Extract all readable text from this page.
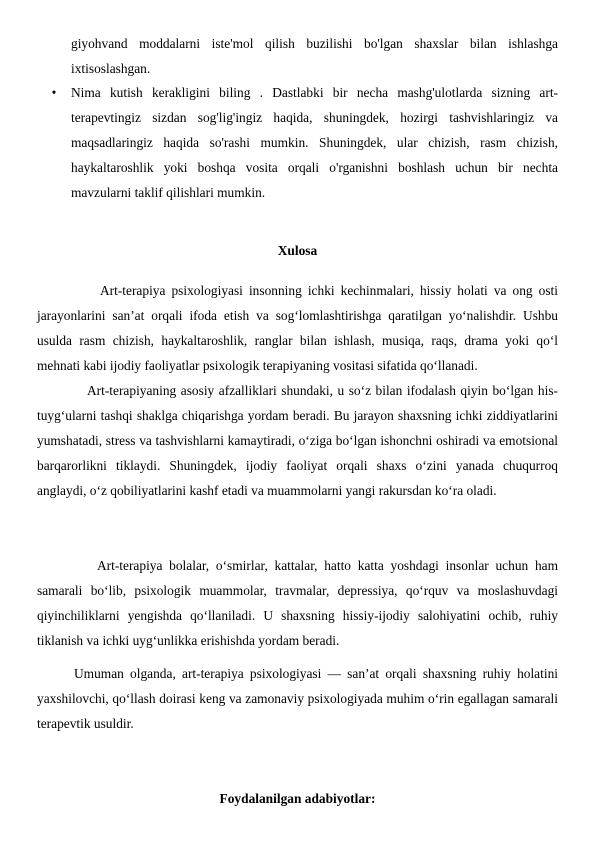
giyohvand moddalarni iste'mol qilish buzilishi bo'lgan shaxslar bilan ishlashga ixtisoslashgan.

• Nima kutish kerakligini biling . Dastlabki bir necha mashg'ulotlarda sizning art-terapevtingiz sizdan sog'lig'ingiz haqida, shuningdek, hozirgi tashvishlaringiz va maqsadlaringiz haqida so'rashi mumkin. Shuningdek, ular chizish, rasm chizish, haykaltaroshlik yoki boshqa vosita orqali o'rganishni boshlash uchun bir nechta mavzularni taklif qilishlari mumkin.

Xulosa

Art-terapiya psixologiyasi insonning ichki kechinmalari, hissiy holati va ong osti jarayonlarini san’at orqali ifoda etish va sog‘lomlashtirishga qaratilgan yo‘nalishdir. Ushbu usulda rasm chizish, haykaltaroshlik, ranglar bilan ishlash, musiqa, raqs, drama yoki qo‘l mehnati kabi ijodiy faoliyatlar psixologik terapiyaning vositasi sifatida qo‘llanadi.

Art-terapiyaning asosiy afzalliklari shundaki, u so‘z bilan ifodalash qiyin bo‘lgan his-tuyg‘ularni tashqi shaklga chiqarishga yordam beradi. Bu jarayon shaxsning ichki ziddiyatlarini yumshatadi, stress va tashvishlarni kamaytiradi, o‘ziga bo‘lgan ishonchni oshiradi va emotsional barqarorlikni tiklaydi. Shuningdek, ijodiy faoliyat orqali shaxs o‘zini yanada chuqurroq anglaydi, o‘z qobiliyatlarini kashf etadi va muammolarni yangi rakursdan ko‘ra oladi.

Art-terapiya bolalar, o‘smirlar, kattalar, hatto katta yoshdagi insonlar uchun ham samarali bo‘lib, psixologik muammolar, travmalar, depressiya, qo‘rquv va moslashuvdagi qiyinchiliklarni yengishda qo‘llaniladi. U shaxsning hissiy-ijodiy salohiyatini ochib, ruhiy tiklanish va ichki uyg‘unlikka erishishda yordam beradi.

Umuman olganda, art-terapiya psixologiyasi — san’at orqali shaxsning ruhiy holatini yaxshilovchi, qo‘llash doirasi keng va zamonaviy psixologiyada muhim o‘rin egallagan samarali terapevtik usuldir.

Foydalanilgan adabiyotlar:
